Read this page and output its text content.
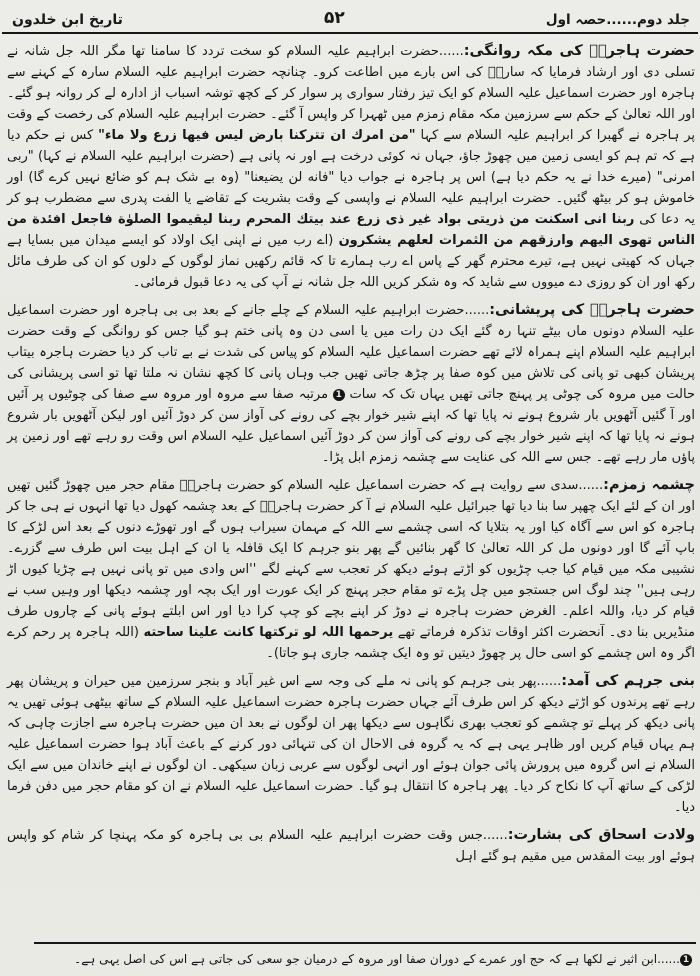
تاریخ ابن خلدون	۵۲	جلد دوم......حصہ اول

حضرت ہاجرہؓ کی مکہ روانگی:......حضرت ابراہیم علیہ السلام کو سخت تردد کا سامنا تھا مگر اللہ جل شانہ نے تسلی دی اور ارشاد فرمایا کہ سارہؓ کی اس بارے میں اطاعت کرو۔ چنانچہ حضرت ابراہیم علیہ السلام سارہ کے کہنے سے ہاجرہ اور حضرت اسماعیل علیہ السلام کو ایک تیز رفتار سواری پر سوار کر کے کچھ توشہ اسباب از ادارہ لے کر روانہ ہو گئے۔ اور اللہ تعالیٰ کے حکم سے سرزمین مکہ مقام زمزم میں ٹھہرا کر واپس آ گئے۔ حضرت ابراہیم علیہ السلام کی رخصت کے وقت پر ہاجرہ نے گھبرا کر ابراہیم علیہ السلام سے کہا "من امرك ان تتركنا بارض لیس فیها زرع ولا ماء" کس نے حکم دیا ہے کہ تم ہم کو ایسی زمین میں چھوڑ جاؤ، جہاں نہ کوئی درخت ہے اور نہ پانی ہے (حضرت ابراہیم علیہ السلام نے کہا) "ربی امرنی" (میرے خدا نے یہ حکم دیا ہے) اس پر ہاجرہ نے جواب دیا "فانه لن یضیعنا" (وہ بے شک ہم کو ضائع نہیں کرے گا) اور خاموش ہو کر بیٹھ گئیں۔ حضرت ابراہیم علیہ السلام نے واپسی کے وقت بشریت کے تقاضے یا الفت پدری سے مضطرب ہو کر یہ دعا کی ربنا انی اسکنت من ذریتی بواد غیر ذی زرع عند بیتك المحرم ربنا لیقیموا الصلوٰة فاجعل افئدة من الناس تهوی الیهم وارزقهم من الثمرات لعلهم یشکرون (اے رب میں نے اپنی ایک اولاد کو ایسے میدان میں بسایا ہے جہاں کہ کھیتی نہیں ہے، تیرے محترم گھر کے پاس اے رب ہمارے تا کہ قائم رکھیں نماز لوگوں کے دلوں کو ان کی طرف مائل رکھ اور ان کو روزی دے میووں سے شاید کہ وہ شکر کریں اللہ جل شانہ نے آپ کی یہ دعا قبول فرمائی۔

حضرت ہاجرہؓ کی پریشانی:......حضرت ابراہیم علیہ السلام کے چلے جانے کے بعد بی بی ہاجرہ اور حضرت اسماعیل علیہ السلام دونوں ماں بیٹے تنہا رہ گئے ایک دن رات میں یا اسی دن وہ پانی ختم ہو گیا جس کو روانگی کے وقت حضرت ابراہیم علیہ السلام اپنے ہمراہ لائے تھے حضرت اسماعیل علیہ السلام کو پیاس کی شدت نے بے تاب کر دیا حضرت ہاجرہ بیتاب پریشان کبھی تو پانی کی تلاش میں کوہ صفا پر چڑھ جاتی تھیں جب وہاں پانی کا کچھ نشان نہ ملتا تھا تو اسی پریشانی کی حالت میں مروہ کی چوٹی پر پہنچ جاتی تھیں یہاں تک کہ سات 1 مرتبہ صفا سے مروہ اور مروہ سے صفا کی چوٹیوں پر آئیں اور آ گئیں آٹھویں بار شروع ہونے نہ پایا تھا کہ اپنے شیر خوار بچے کی رونے کی آواز سن کر دوڑ آئیں اور لیکن آٹھویں بار شروع ہونے نہ پایا تھا کہ اپنے شیر خوار بچے کی رونے کی آواز سن کر دوڑ آئیں اسماعیل علیہ السلام اس وقت رو رہے تھے اور زمین پر پاؤں مار رہے تھے۔ جس سے اللہ کی عنایت سے چشمہ زمزم ابل پڑا۔

چشمہ زمزم:......سدی سے روایت ہے کہ حضرت اسماعیل علیہ السلام کو حضرت ہاجرہؓ مقام حجر میں چھوڑ گئیں تھیں اور ان کے لئے ایک چھپر سا بنا دیا تھا جبرائیل علیہ السلام نے آ کر حضرت ہاجرہؓ کے بعد چشمہ کھول دیا تھا انہوں نے ہی جا کر ہاجرہ کو اس سے آگاہ کیا اور یہ بتلایا کہ اسی چشمے سے اللہ کے مہمان سیراب ہوں گے اور تھوڑے دنوں کے بعد اس لڑکے کا باپ آئے گا اور دونوں مل کر اللہ تعالیٰ کا گھر بنائیں گے پھر بنو جرہم کا ایک قافلہ یا ان کے اہل بیت اس طرف سے گزرے۔ نشیبی مکہ میں قیام کیا جب چڑیوں کو اڑتے ہوئے دیکھ کر تعجب سے کہنے لگے ''اس وادی میں تو پانی نہیں ہے چڑیا کیوں اڑ رہی ہیں'' چند لوگ اس جستجو میں چل پڑے تو مقام حجر پہنچ کر ایک عورت اور ایک بچہ اور چشمہ دیکھا اور وہیں سب نے قیام کر دیا، واللہ اعلم۔ الغرض حضرت ہاجرہ نے دوڑ کر اپنے بچے کو چپ کرا دیا اور اس ابلتے ہوئے پانی کے چاروں طرف منڈیریں بنا دی۔ آنحضرت اکثر اوقات تذکرہ فرماتے تھے یرحمها اللہ لو ترکتها کانت علینا ساحته (اللہ ہاجرہ پر رحم کرے اگر وہ اس چشمے کو اسی حال پر چھوڑ دیتیں تو وہ ایک چشمہ جاری ہو جاتا)۔

بنی جرہم کی آمد:......پھر بنی جرہم کو پانی نہ ملے کی وجہ سے اس غیر آباد و بنجر سرزمین میں حیران و پریشان پھر رہے تھے پرندوں کو اڑتے دیکھ کر اس طرف آئے جہاں حضرت ہاجرہ حضرت اسماعیل علیہ السلام کے ساتھ بیٹھی ہوئی تھیں یہ پانی دیکھ کر پہلے تو چشمے کو تعجب بھری نگاہوں سے دیکھا پھر ان لوگوں نے بعد ان میں حضرت ہاجرہ سے اجازت چاہی کہ ہم یہاں قیام کریں اور ظاہر یہی ہے کہ یہ گروہ فی الاحال ان کی تنہائی دور کرنے کے باعث آباد ہوا حضرت اسماعیل علیہ السلام نے اس گروہ میں پرورش پائی جوان ہوئے اور انہی لوگوں سے عربی زبان سیکھی۔ ان لوگوں نے اپنے خاندان میں سے ایک لڑکی کے ساتھ آپ کا نکاح کر دیا۔ پھر ہاجرہ کا انتقال ہو گیا۔ حضرت اسماعیل علیہ السلام نے ان کو مقام حجر میں دفن فرما دیا۔

ولادت اسحاق کی بشارت:......جس وقت حضرت ابراہیم علیہ السلام بی بی ہاجرہ کو مکہ پہنچا کر شام کو واپس ہوئے اور بیت المقدس میں مقیم ہو گئے اہل

1......ابن اثیر نے لکھا ہے کہ حج اور عمرے کے دوران صفا اور مروہ کے درمیان جو سعی کی جاتی ہے اس کی اصل یہی ہے۔
